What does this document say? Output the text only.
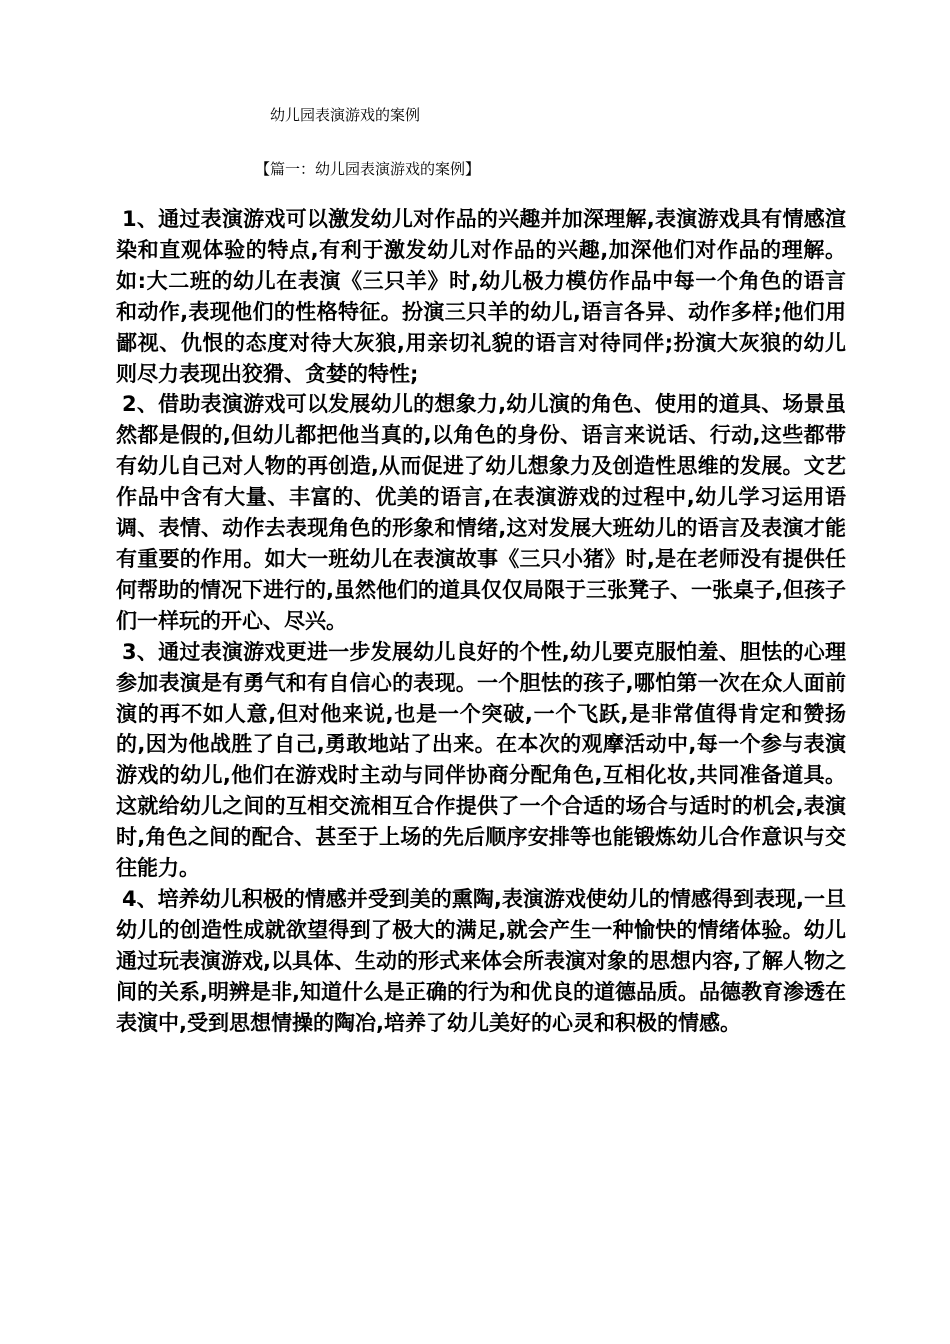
幼儿园表演游戏的案例
【篇一：幼儿园表演游戏的案例】

1、通过表演游戏可以激发幼儿对作品的兴趣并加深理解,表演游戏具有情感渲染和直观体验的特点,有利于激发幼儿对作品的兴趣,加深他们对作品的理解。如:大二班的幼儿在表演《三只羊》时,幼儿极力模仿作品中每一个角色的语言和动作,表现他们的性格特征。扮演三只羊的幼儿,语言各异、动作多样;他们用鄙视、仇恨的态度对待大灰狼,用亲切礼貌的语言对待同伴;扮演大灰狼的幼儿则尽力表现出狡猾、贪婪的特性;

2、借助表演游戏可以发展幼儿的想象力,幼儿演的角色、使用的道具、场景虽然都是假的,但幼儿都把他当真的,以角色的身份、语言来说话、行动,这些都带有幼儿自己对人物的再创造,从而促进了幼儿想象力及创造性思维的发展。文艺作品中含有大量、丰富的、优美的语言,在表演游戏的过程中,幼儿学习运用语调、表情、动作去表现角色的形象和情绪,这对发展大班幼儿的语言及表演才能有重要的作用。如大一班幼儿在表演故事《三只小猪》时,是在老师没有提供任何帮助的情况下进行的,虽然他们的道具仅仅局限于三张凳子、一张桌子,但孩子们一样玩的开心、尽兴。

3、通过表演游戏更进一步发展幼儿良好的个性,幼儿要克服怕羞、胆怯的心理参加表演是有勇气和有自信心的表现。一个胆怯的孩子,哪怕第一次在众人面前演的再不如人意,但对他来说,也是一个突破,一个飞跃,是非常值得肯定和赞扬的,因为他战胜了自己,勇敢地站了出来。在本次的观摩活动中,每一个参与表演游戏的幼儿,他们在游戏时主动与同伴协商分配角色,互相化妆,共同准备道具。这就给幼儿之间的互相交流相互合作提供了一个合适的场合与适时的机会,表演时,角色之间的配合、甚至于上场的先后顺序安排等也能锻炼幼儿合作意识与交往能力。

4、培养幼儿积极的情感并受到美的熏陶,表演游戏使幼儿的情感得到表现,一旦幼儿的创造性成就欲望得到了极大的满足,就会产生一种愉快的情绪体验。幼儿通过玩表演游戏,以具体、生动的形式来体会所表演对象的思想内容,了解人物之间的关系,明辨是非,知道什么是正确的行为和优良的道德品质。品德教育渗透在表演中,受到思想情操的陶冶,培养了幼儿美好的心灵和积极的情感。
